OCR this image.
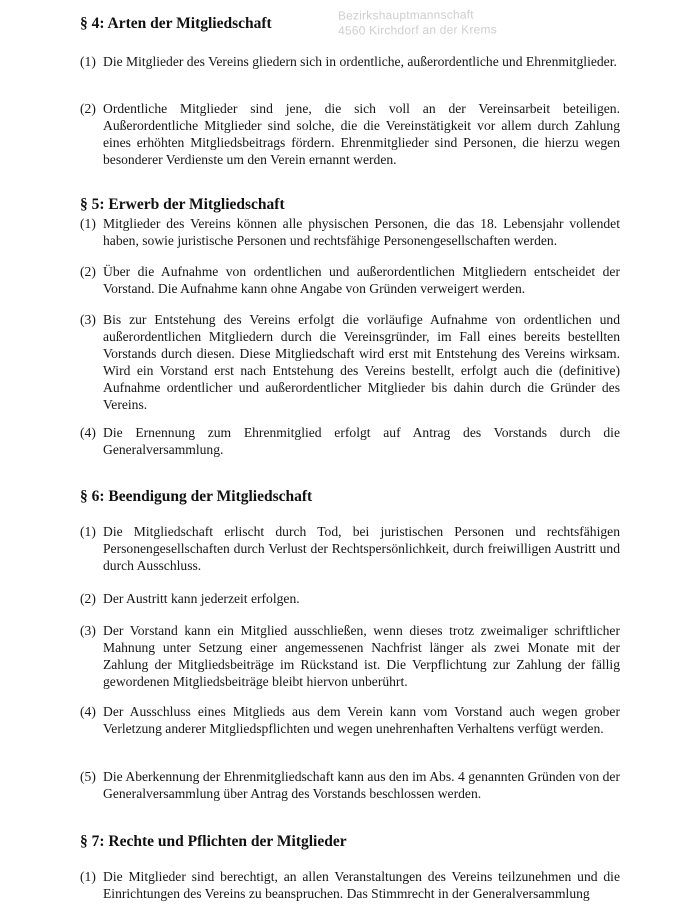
Bezirkshauptmannschaft
4560 Kirchdorf an der Krems
§ 4: Arten der Mitgliedschaft
(1) Die Mitglieder des Vereins gliedern sich in ordentliche, außerordentliche und Ehrenmitglieder.
(2) Ordentliche Mitglieder sind jene, die sich voll an der Vereinsarbeit beteiligen. Außerordentliche Mitglieder sind solche, die die Vereinstätigkeit vor allem durch Zahlung eines erhöhten Mitgliedsbeitrags fördern. Ehrenmitglieder sind Personen, die hierzu wegen besonderer Verdienste um den Verein ernannt werden.
§ 5: Erwerb der Mitgliedschaft
(1) Mitglieder des Vereins können alle physischen Personen, die das 18. Lebensjahr vollendet haben, sowie juristische Personen und rechtsfähige Personengesellschaften werden.
(2) Über die Aufnahme von ordentlichen und außerordentlichen Mitgliedern entscheidet der Vorstand. Die Aufnahme kann ohne Angabe von Gründen verweigert werden.
(3) Bis zur Entstehung des Vereins erfolgt die vorläufige Aufnahme von ordentlichen und außerordentlichen Mitgliedern durch die Vereinsgründer, im Fall eines bereits bestellten Vorstands durch diesen. Diese Mitgliedschaft wird erst mit Entstehung des Vereins wirksam. Wird ein Vorstand erst nach Entstehung des Vereins bestellt, erfolgt auch die (definitive) Aufnahme ordentlicher und außerordentlicher Mitglieder bis dahin durch die Gründer des Vereins.
(4) Die Ernennung zum Ehrenmitglied erfolgt auf Antrag des Vorstands durch die Generalversammlung.
§ 6: Beendigung der Mitgliedschaft
(1) Die Mitgliedschaft erlischt durch Tod, bei juristischen Personen und rechtsfähigen Personengesellschaften durch Verlust der Rechtspersönlichkeit, durch freiwilligen Austritt und durch Ausschluss.
(2) Der Austritt kann jederzeit erfolgen.
(3) Der Vorstand kann ein Mitglied ausschließen, wenn dieses trotz zweimaliger schriftlicher Mahnung unter Setzung einer angemessenen Nachfrist länger als zwei Monate mit der Zahlung der Mitgliedsbeiträge im Rückstand ist. Die Verpflichtung zur Zahlung der fällig gewordenen Mitgliedsbeiträge bleibt hiervon unberührt.
(4) Der Ausschluss eines Mitglieds aus dem Verein kann vom Vorstand auch wegen grober Verletzung anderer Mitgliedspflichten und wegen unehrenhaften Verhaltens verfügt werden.
(5) Die Aberkennung der Ehrenmitgliedschaft kann aus den im Abs. 4 genannten Gründen von der Generalversammlung über Antrag des Vorstands beschlossen werden.
§ 7: Rechte und Pflichten der Mitglieder
(1) Die Mitglieder sind berechtigt, an allen Veranstaltungen des Vereins teilzunehmen und die Einrichtungen des Vereins zu beanspruchen. Das Stimmrecht in der Generalversammlung
